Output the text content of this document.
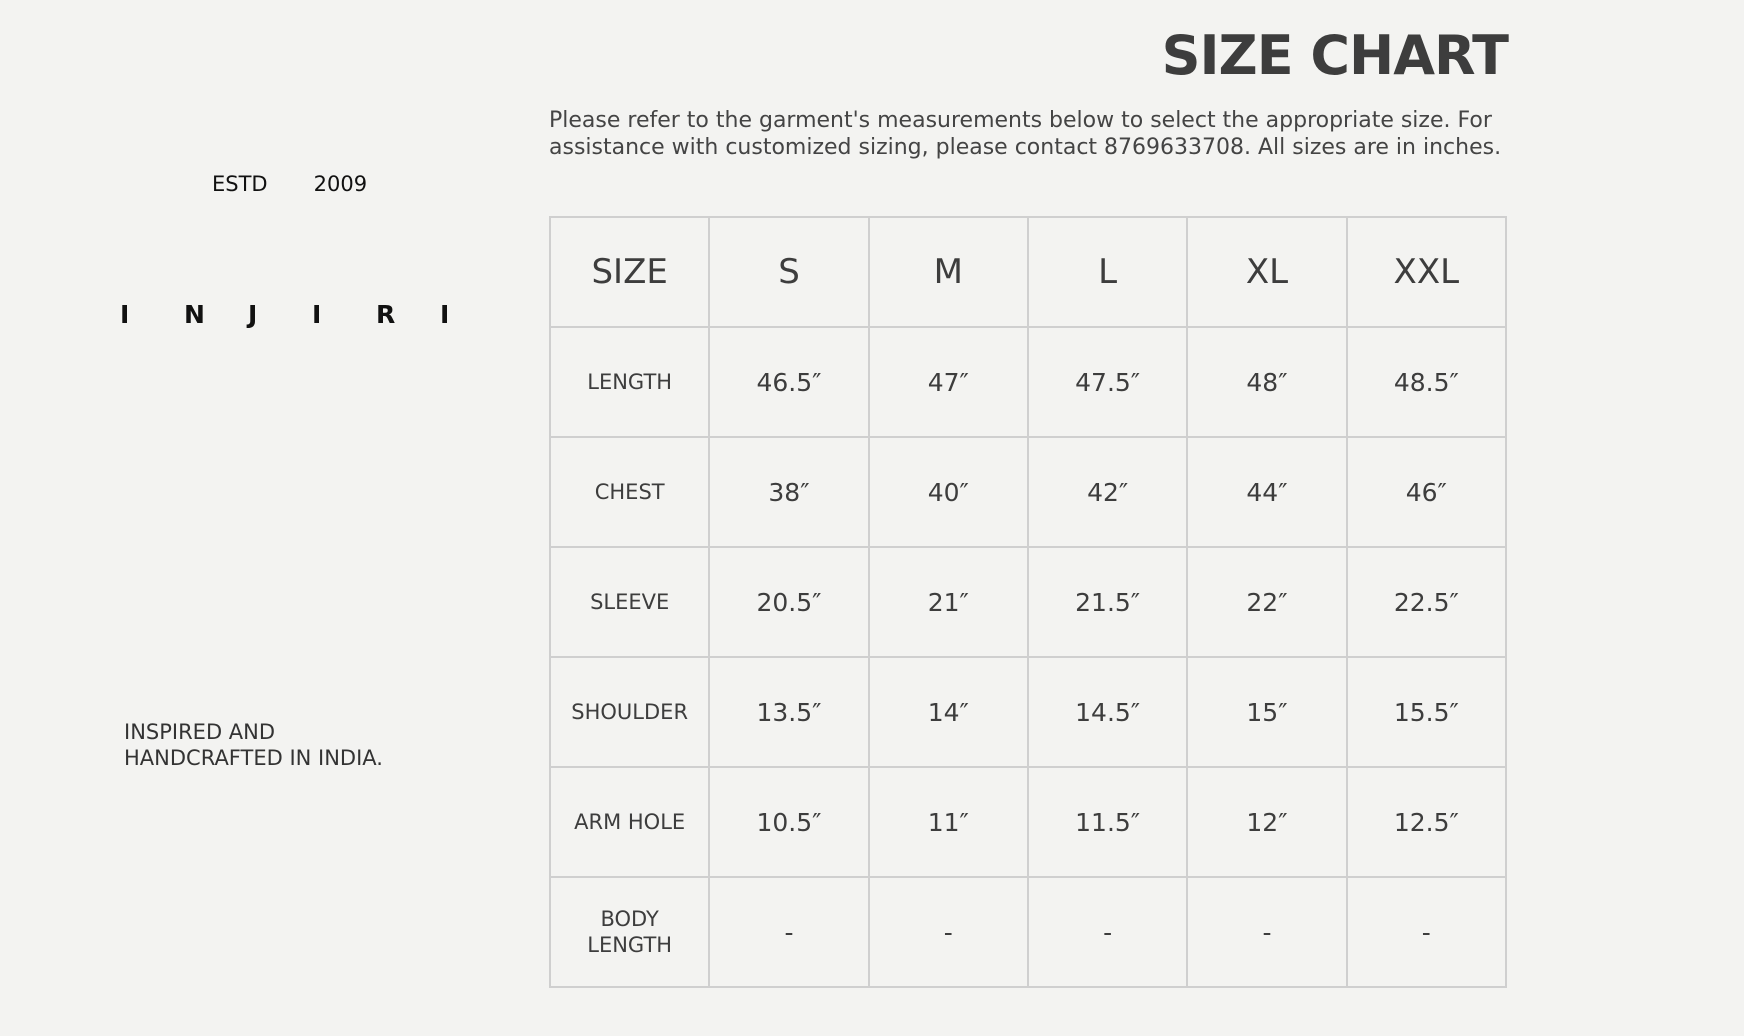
SIZE CHART

Please refer to the garment's measurements below to select the appropriate size. For assistance with customized sizing, please contact 8769633708. All sizes are in inches.

ESTD 2009
I	N	J	I	R	I

INSPIRED AND
HANDCRAFTED IN INDIA.

SIZE	S	M	L	XL	XXL
LENGTH	46.5″	47″	47.5″	48″	48.5″
CHEST	38″	40″	42″	44″	46″
SLEEVE	20.5″	21″	21.5″	22″	22.5″
SHOULDER	13.5″	14″	14.5″	15″	15.5″
ARM HOLE	10.5″	11″	11.5″	12″	12.5″
BODY LENGTH	-	-	-	-	-
